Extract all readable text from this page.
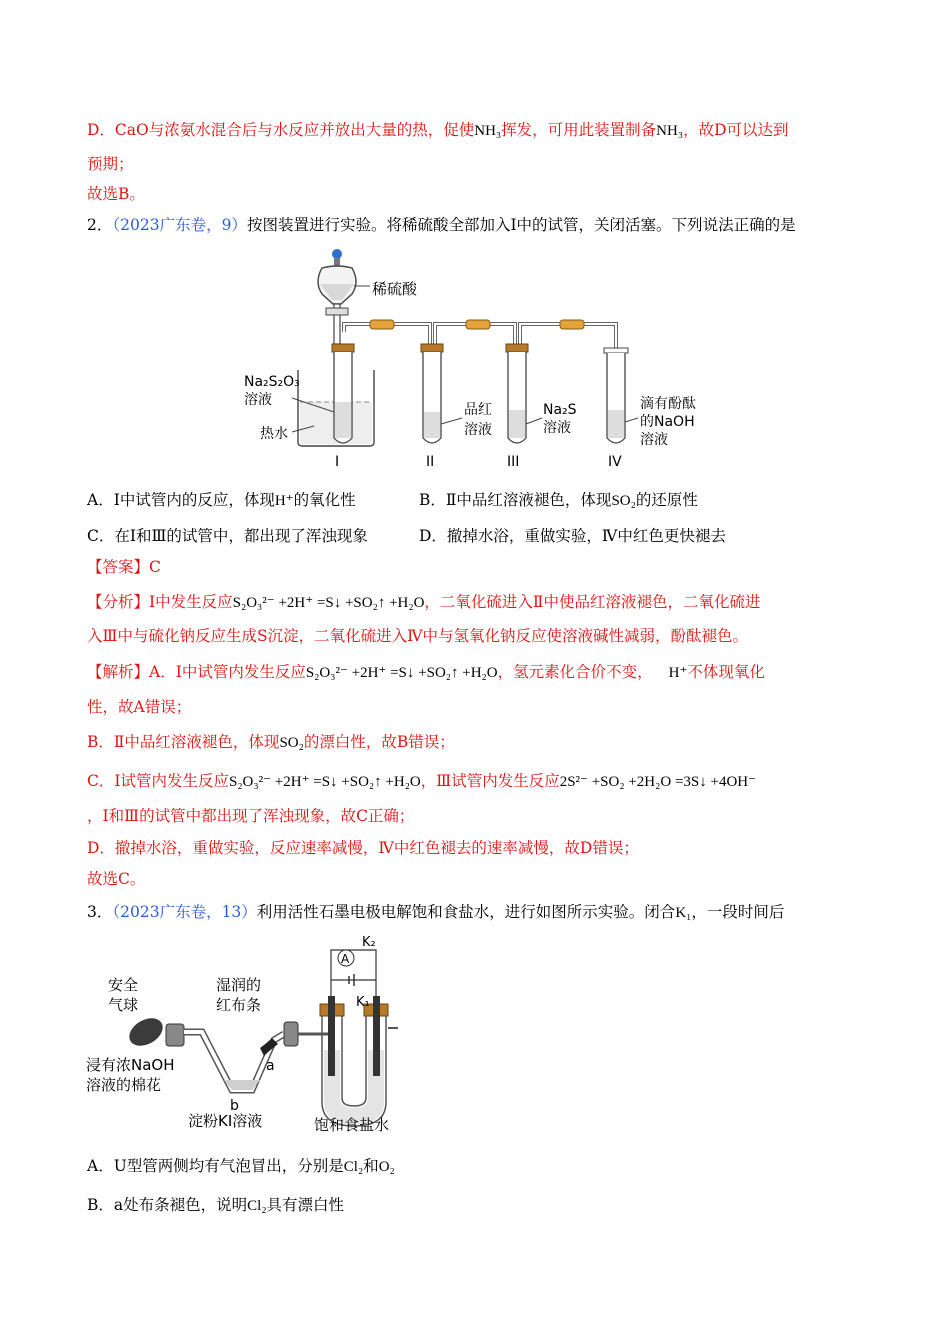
D．CaO与浓氨水混合后与水反应并放出大量的热，促使NH₃挥发，可用此装置制备NH₃，故D可以达到
预期；
故选B。
2．（2023广东卷，9）按图装置进行实验。将稀硫酸全部加入Ⅰ中的试管，关闭活塞。下列说法正确的是
稀硫酸
Na₂S₂O₃
溶液
热水
I
品红
溶液
II
Na₂S
溶液
III
滴有酚酞
的NaOH
溶液
IV
A．Ⅰ中试管内的反应，体现H⁺的氧化性	B．Ⅱ中品红溶液褪色，体现SO₂的还原性
C．在Ⅰ和Ⅲ的试管中，都出现了浑浊现象	D．撤掉水浴，重做实验，Ⅳ中红色更快褪去
【答案】C
【分析】Ⅰ中发生反应S₂O₃²⁻ +2H⁺ =S↓ +SO₂↑ +H₂O，二氧化硫进入Ⅱ中使品红溶液褪色，二氧化硫进
入Ⅲ中与硫化钠反应生成S沉淀，二氧化硫进入Ⅳ中与氢氧化钠反应使溶液碱性减弱，酚酞褪色。
【解析】A．Ⅰ中试管内发生反应S₂O₃²⁻ +2H⁺ =S↓ +SO₂↑ +H₂O，氢元素化合价不变， H⁺不体现氧化
性，故A错误；
B．Ⅱ中品红溶液褪色，体现SO₂的漂白性，故B错误；
C．Ⅰ试管内发生反应S₂O₃²⁻ +2H⁺ =S↓ +SO₂↑ +H₂O，Ⅲ试管内发生反应2S²⁻ +SO₂ +2H₂O =3S↓ +4OH⁻
，Ⅰ和Ⅲ的试管中都出现了浑浊现象，故C正确；
D．撤掉水浴，重做实验，反应速率减慢，Ⅳ中红色褪去的速率减慢，故D错误；
故选C。
3．（2023广东卷，13）利用活性石墨电极电解饱和食盐水，进行如图所示实验。闭合K₁，一段时间后
安全
气球
湿润的
红布条
浸有浓NaOH
溶液的棉花
a
b
淀粉KI溶液
A
K₂
K₁
饱和食盐水
A．U型管两侧均有气泡冒出，分别是Cl₂和O₂
B．a处布条褪色，说明Cl₂具有漂白性
